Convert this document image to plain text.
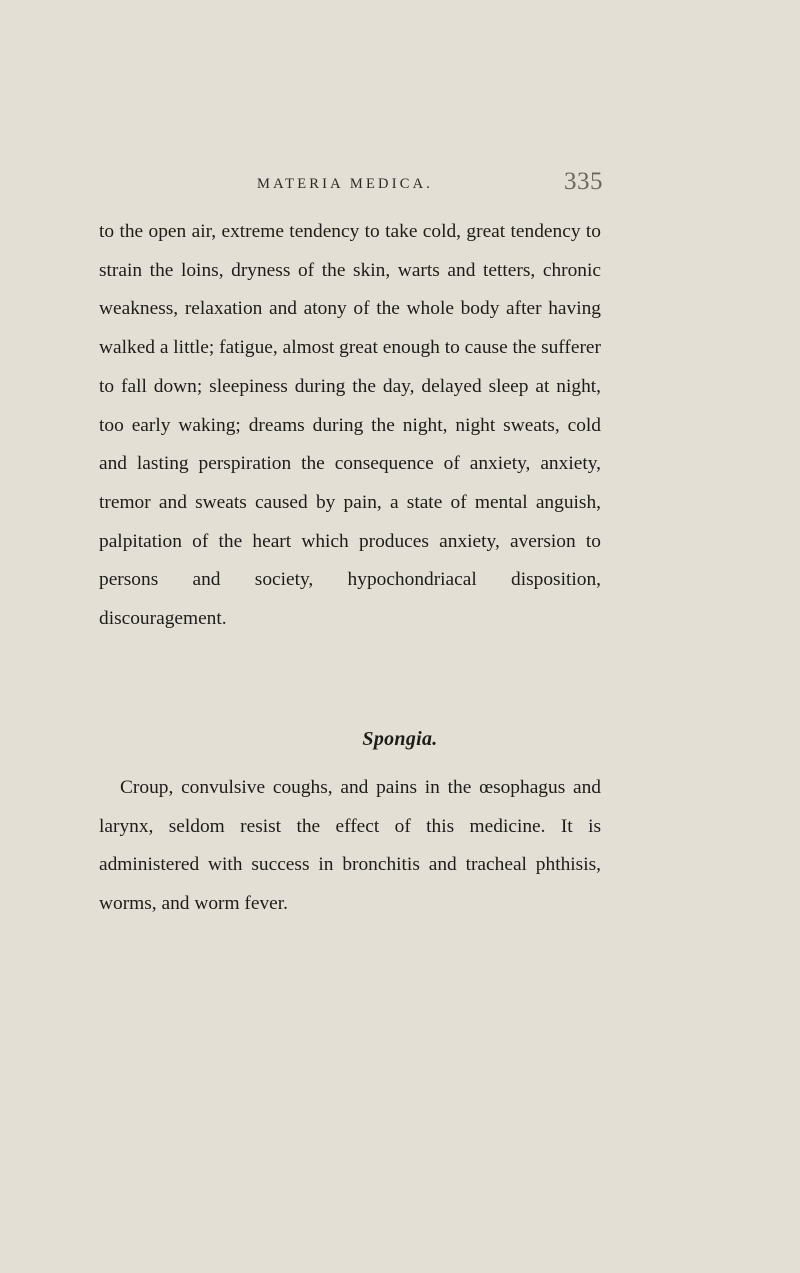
MATERIA MEDICA.	335

to the open air, extreme tendency to take cold, great tendency to strain the loins, dryness of the skin, warts and tetters, chronic weakness, relaxation and atony of the whole body after having walked a little; fatigue, almost great enough to cause the sufferer to fall down; sleepiness during the day, delayed sleep at night, too early waking; dreams during the night, night sweats, cold and lasting perspiration the consequence of anxiety, anxiety, tremor and sweats caused by pain, a state of mental anguish, palpitation of the heart which produces anxiety, aversion to persons and society, hypochondriacal disposition, discouragement.

Spongia.

Croup, convulsive coughs, and pains in the œsophagus and larynx, seldom resist the effect of this medicine. It is administered with success in bronchitis and tracheal phthisis, worms, and worm fever.
